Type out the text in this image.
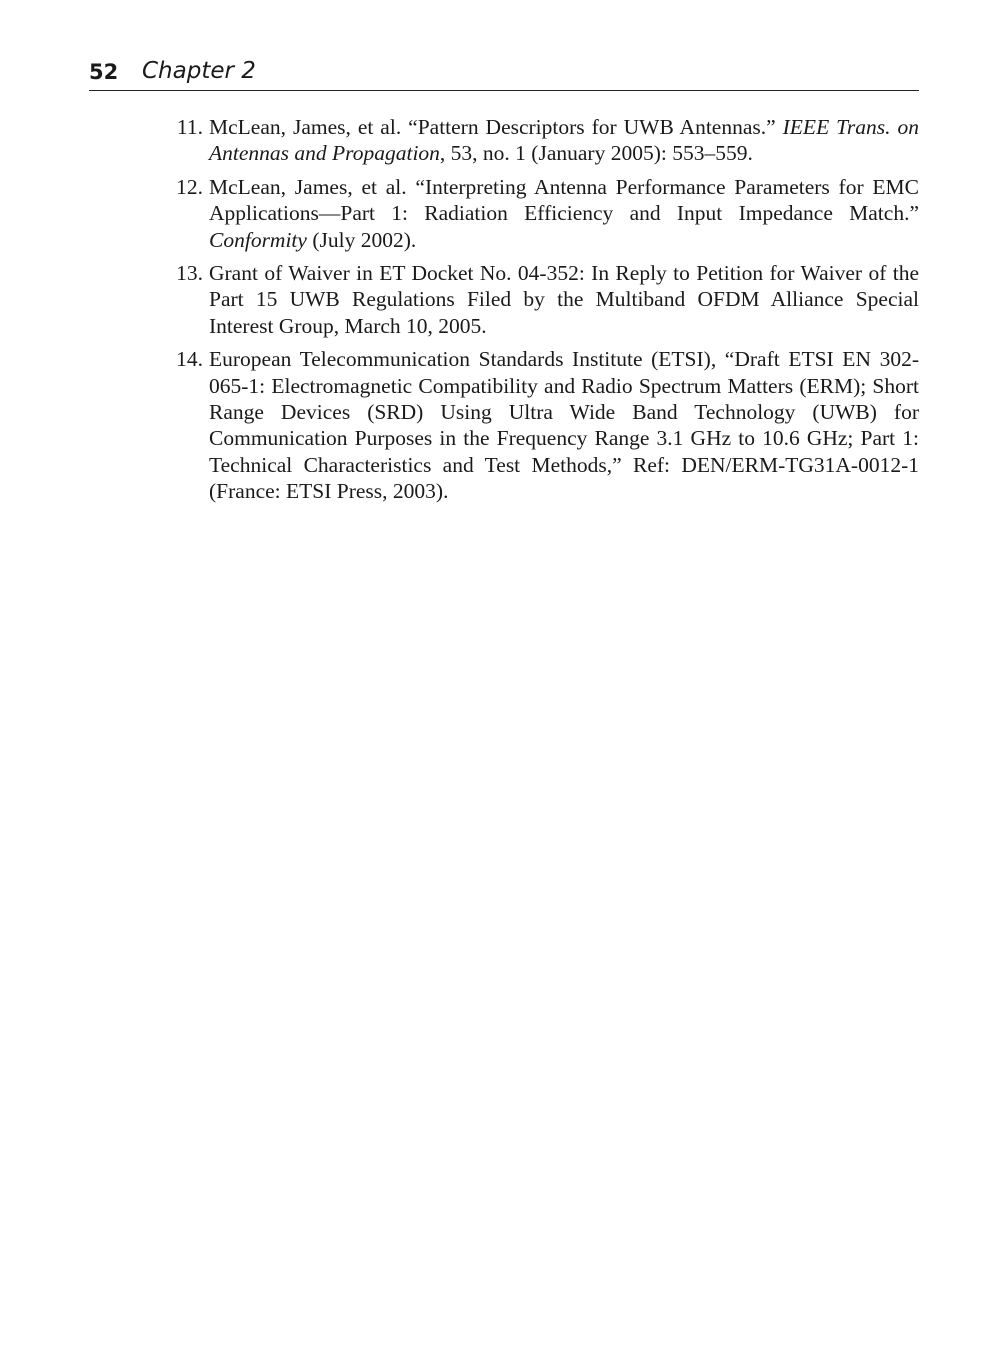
52 Chapter 2
11. McLean, James, et al. “Pattern Descriptors for UWB Antennas.” IEEE Trans. on Antennas and Propagation, 53, no. 1 (January 2005): 553–559.
12. McLean, James, et al. “Interpreting Antenna Performance Parameters for EMC Applications—Part 1: Radiation Efficiency and Input Impedance Match.” Conformity (July 2002).
13. Grant of Waiver in ET Docket No. 04-352: In Reply to Petition for Waiver of the Part 15 UWB Regulations Filed by the Multiband OFDM Alliance Special Interest Group, March 10, 2005.
14. European Telecommunication Standards Institute (ETSI), “Draft ETSI EN 302-065-1: Electromagnetic Compatibility and Radio Spectrum Matters (ERM); Short Range Devices (SRD) Using Ultra Wide Band Technology (UWB) for Communication Purposes in the Frequency Range 3.1 GHz to 10.6 GHz; Part 1: Technical Characteristics and Test Methods,” Ref: DEN/ERM-TG31A-0012-1 (France: ETSI Press, 2003).
